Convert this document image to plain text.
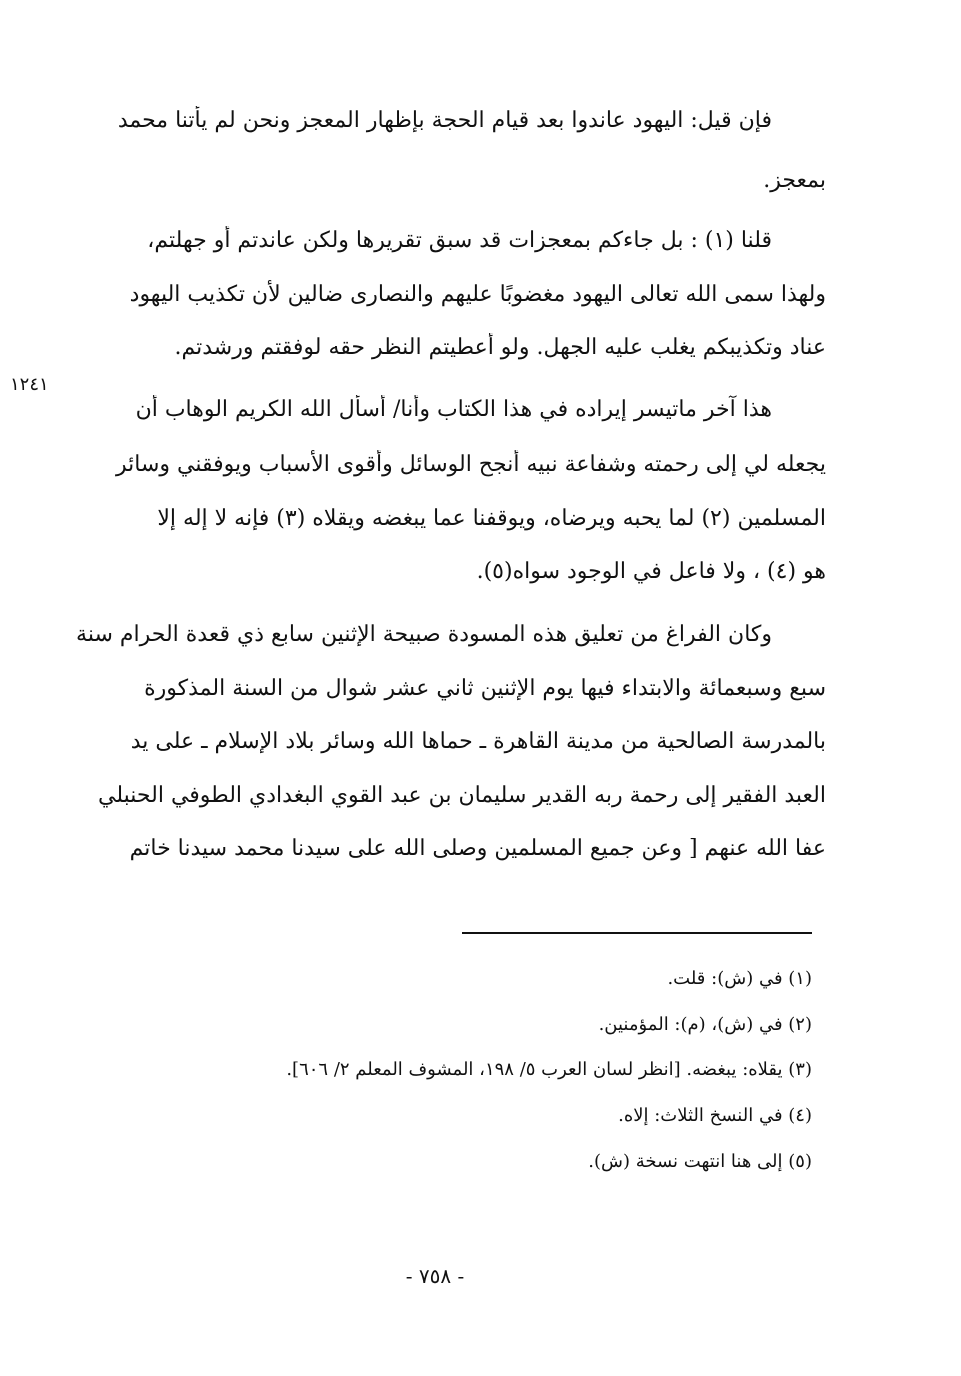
فإن قيل: اليهود عاندوا بعد قيام الحجة بإظهار المعجز ونحن لم يأتنا محمد
بمعجز.
قلنا (١) : بل جاءكم بمعجزات قد سبق تقريرها ولكن عاندتم أو جهلتم،
ولهذا سمى الله تعالى اليهود مغضوبًا عليهم والنصارى ضالين لأن تكذيب اليهود
عناد وتكذيبكم يغلب عليه الجهل. ولو أعطيتم النظر حقه لوفقتم ورشدتم.
هذا آخر ماتيسر إيراده في هذا الكتاب وأنا/ أسأل الله الكريم الوهاب أن
يجعله لي إلى رحمته وشفاعة نبيه أنجح الوسائل وأقوى الأسباب ويوفقني وسائر
المسلمين (٢) لما يحبه ويرضاه، ويوقفنا عما يبغضه ويقلاه (٣) فإنه لا إله إلا
هو (٤) ، ولا فاعل في الوجود سواه(٥).
وكان الفراغ من تعليق هذه المسودة صبيحة الإثنين سابع ذي قعدة الحرام سنة
سبع وسبعمائة والابتداء فيها يوم الإثنين ثاني عشر شوال من السنة المذكورة
بالمدرسة الصالحية من مدينة القاهرة ـ حماها الله وسائر بلاد الإسلام ـ على يد
العبد الفقير إلى رحمة ربه القدير سليمان بن عبد القوي البغدادي الطوفي الحنبلي
عفا الله عنهم [ وعن جميع المسلمين وصلى الله على سيدنا محمد سيدنا خاتم
١٢٤١
(١) في (ش): قلت.
(٢) في (ش)، (م): المؤمنين.
(٣) يقلاه: يبغضه. [انظر لسان العرب ٥/ ١٩٨، المشوف المعلم ٢/ ٦٠٦].
(٤) في النسخ الثلاث: إلاه.
(٥) إلى هنا انتهت نسخة (ش).
- ٧٥٨ -
